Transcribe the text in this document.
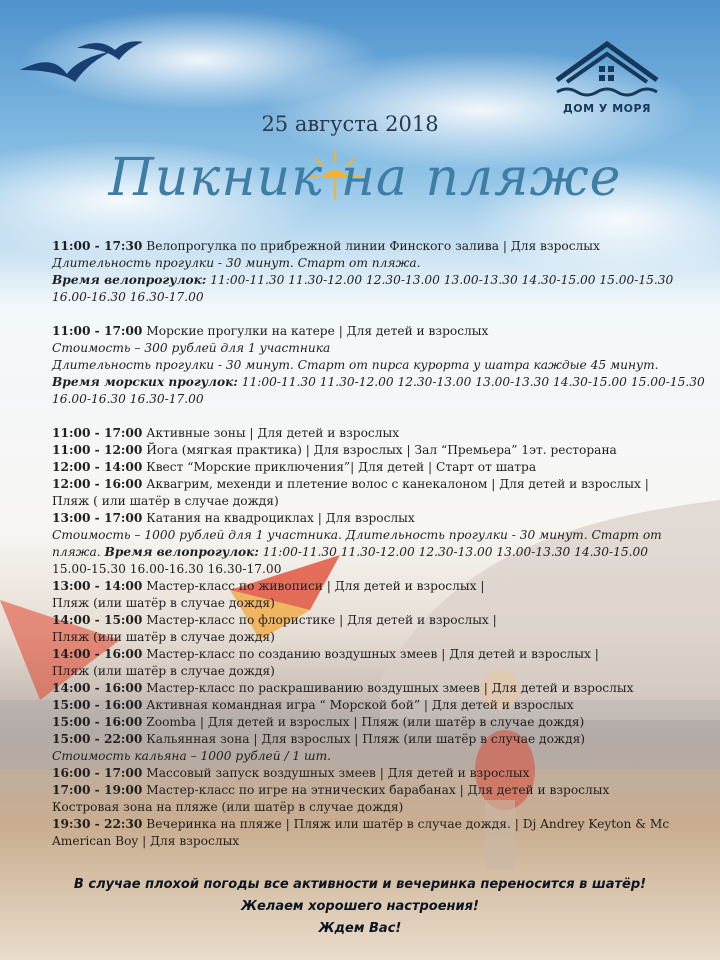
ДОМ У МОРЯ
25 августа 2018
Пикник на пляже
11:00 - 17:30 Велопрогулка по прибрежной линии Финского залива | Для взрослых
Длительность прогулки - 30 минут. Старт от пляжа.
Время велопрогулок: 11:00-11.30 11.30-12.00 12.30-13.00 13.00-13.30 14.30-15.00 15.00-15.30
16.00-16.30 16.30-17.00
11:00 - 17:00 Морские прогулки на катере | Для детей и взрослых
Стоимость – 300 рублей для 1 участника
Длительность прогулки - 30 минут. Старт от пирса курорта у шатра каждые 45 минут.
Время морских прогулок: 11:00-11.30 11.30-12.00 12.30-13.00 13.00-13.30 14.30-15.00 15.00-15.30
16.00-16.30 16.30-17.00
11:00 - 17:00 Активные зоны | Для детей и взрослых
11:00 - 12:00 Йога (мягкая практика) | Для взрослых | Зал “Премьера” 1эт. ресторана
12:00 - 14:00 Квест “Морские приключения”| Для детей | Старт от шатра
12:00 - 16:00 Аквагрим, мехенди и плетение волос с канекалоном | Для детей и взрослых |
Пляж ( или шатёр в случае дождя)
13:00 - 17:00 Катания на квадроциклах | Для взрослых
Стоимость – 1000 рублей для 1 участника. Длительность прогулки - 30 минут. Старт от
пляжа. Время велопрогулок: 11:00-11.30 11.30-12.00 12.30-13.00 13.00-13.30 14.30-15.00
15.00-15.30 16.00-16.30 16.30-17.00
13:00 - 14:00 Мастер-класс по живописи | Для детей и взрослых |
Пляж (или шатёр в случае дождя)
14:00 - 15:00 Мастер-класс по флористике | Для детей и взрослых |
Пляж (или шатёр в случае дождя)
14:00 - 16:00 Мастер-класс по созданию воздушных змеев | Для детей и взрослых |
Пляж (или шатёр в случае дождя)
14:00 - 16:00 Мастер-класс по раскрашиванию воздушных змеев | Для детей и взрослых
15:00 - 16:00 Активная командная игра “ Морской бой” | Для детей и взрослых
15:00 - 16:00 Zoomba | Для детей и взрослых | Пляж (или шатёр в случае дождя)
15:00 - 22:00 Кальянная зона | Для взрослых | Пляж (или шатёр в случае дождя)
Стоимость кальяна – 1000 рублей / 1 шт.
16:00 - 17:00 Массовый запуск воздушных змеев | Для детей и взрослых
17:00 - 19:00 Мастер-класс по игре на этнических барабанах | Для детей и взрослых
Костровая зона на пляже (или шатёр в случае дождя)
19:30 - 22:30 Вечеринка на пляже | Пляж или шатёр в случае дождя. | Dj Andrey Keyton & Mc
American Boy | Для взрослых
В случае плохой погоды все активности и вечеринка переносится в шатёр!
Желаем хорошего настроения!
Ждем Вас!
